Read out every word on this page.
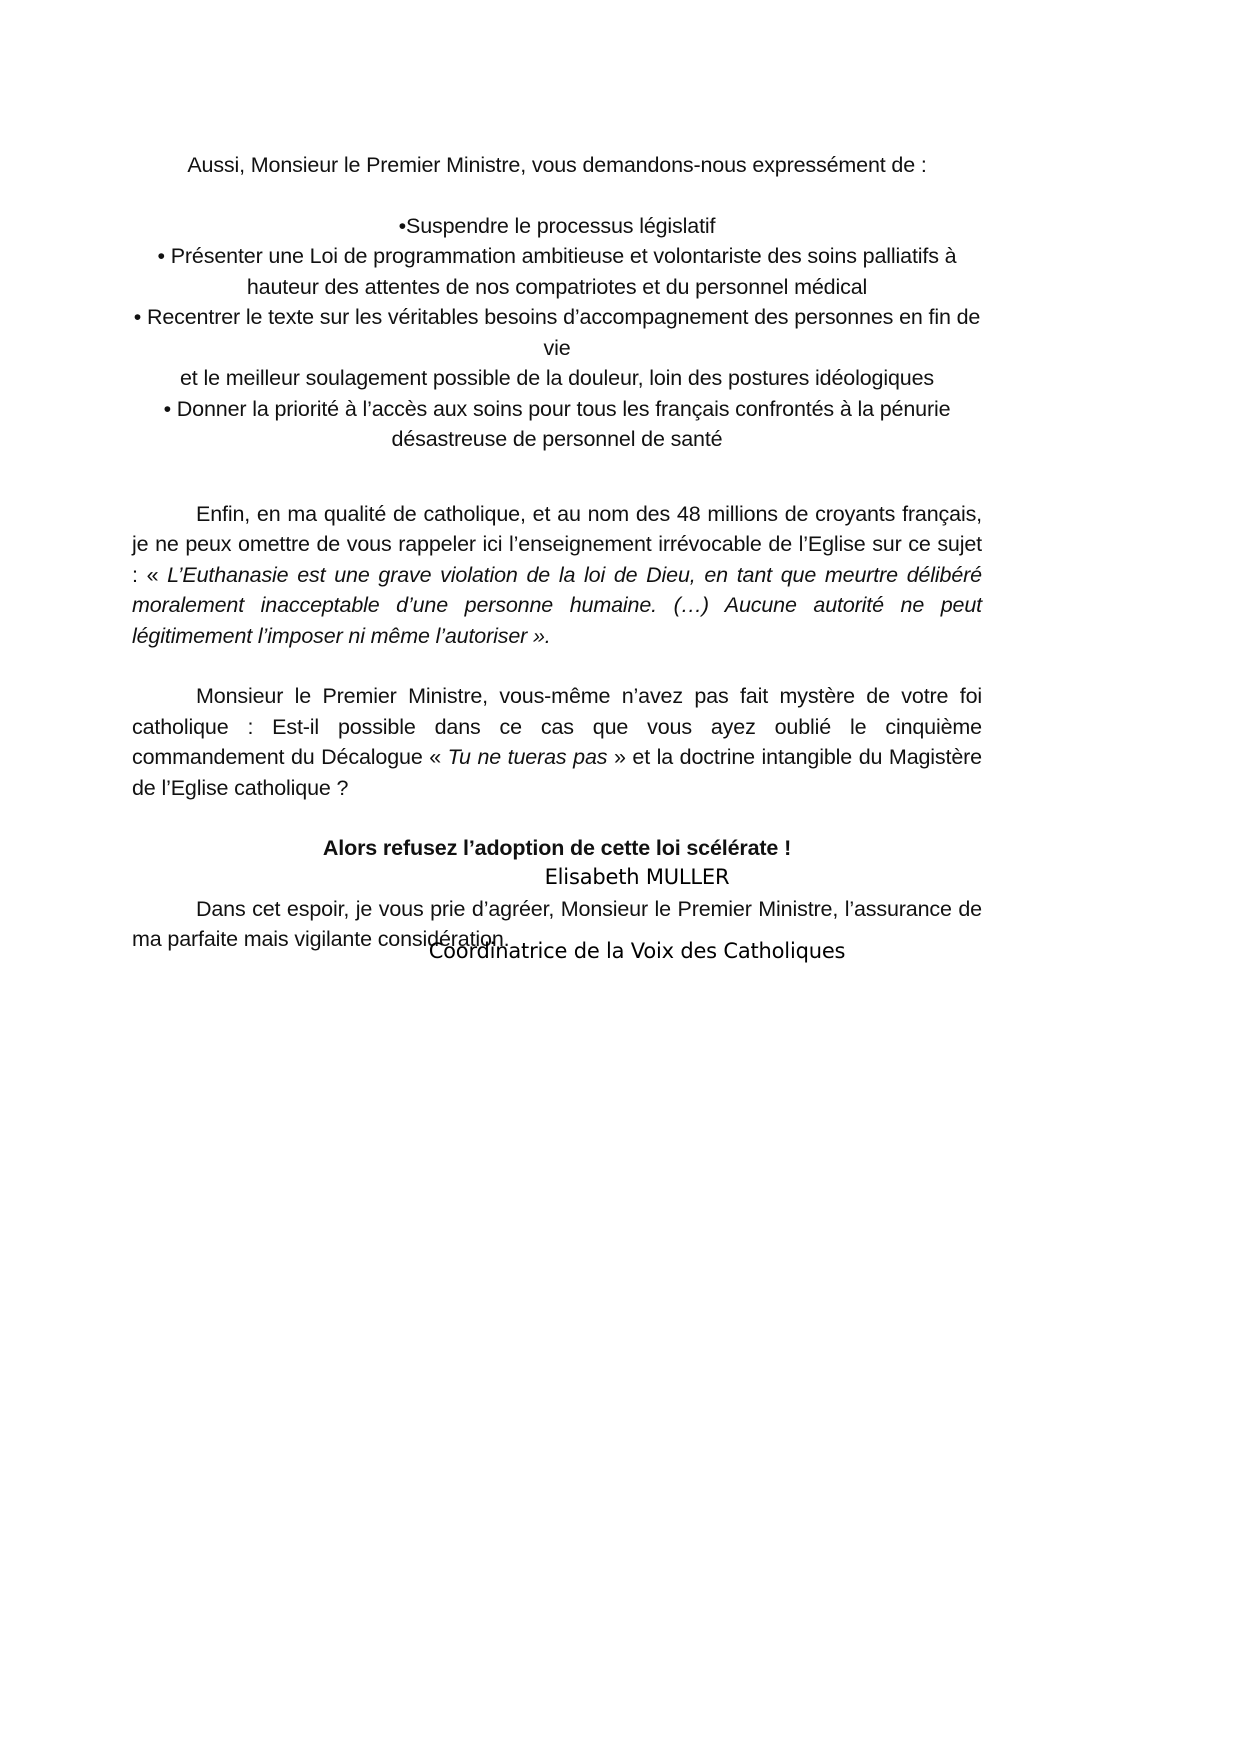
Aussi, Monsieur le Premier Ministre, vous demandons-nous expressément de :

•Suspendre le processus législatif

• Présenter une Loi de programmation ambitieuse et volontariste des soins palliatifs à

hauteur des attentes de nos compatriotes et du personnel médical

• Recentrer le texte sur les véritables besoins d’accompagnement des personnes en fin de vie

et le meilleur soulagement possible de la douleur, loin des postures idéologiques

• Donner la priorité à l’accès aux soins pour tous les français confrontés à la pénurie

désastreuse de personnel de santé

Enfin, en ma qualité de catholique, et au nom des 48 millions de croyants français, je ne peux omettre de vous rappeler ici l’enseignement irrévocable de l’Eglise sur ce sujet : « L’Euthanasie est une grave violation de la loi de Dieu, en tant que meurtre délibéré moralement inacceptable d’une personne humaine. (…) Aucune autorité ne peut légitimement l’imposer ni même l’autoriser ».

Monsieur le Premier Ministre, vous-même n’avez pas fait mystère de votre foi catholique : Est-il possible dans ce cas que vous ayez oublié le cinquième commandement du Décalogue « Tu ne tueras pas » et la doctrine intangible du Magistère de l’Eglise catholique ?

Alors refusez l’adoption de cette loi scélérate !

Dans cet espoir, je vous prie d’agréer, Monsieur le Premier Ministre, l’assurance de ma parfaite mais vigilante considération.

Elisabeth MULLER

Coordinatrice de la Voix des Catholiques
